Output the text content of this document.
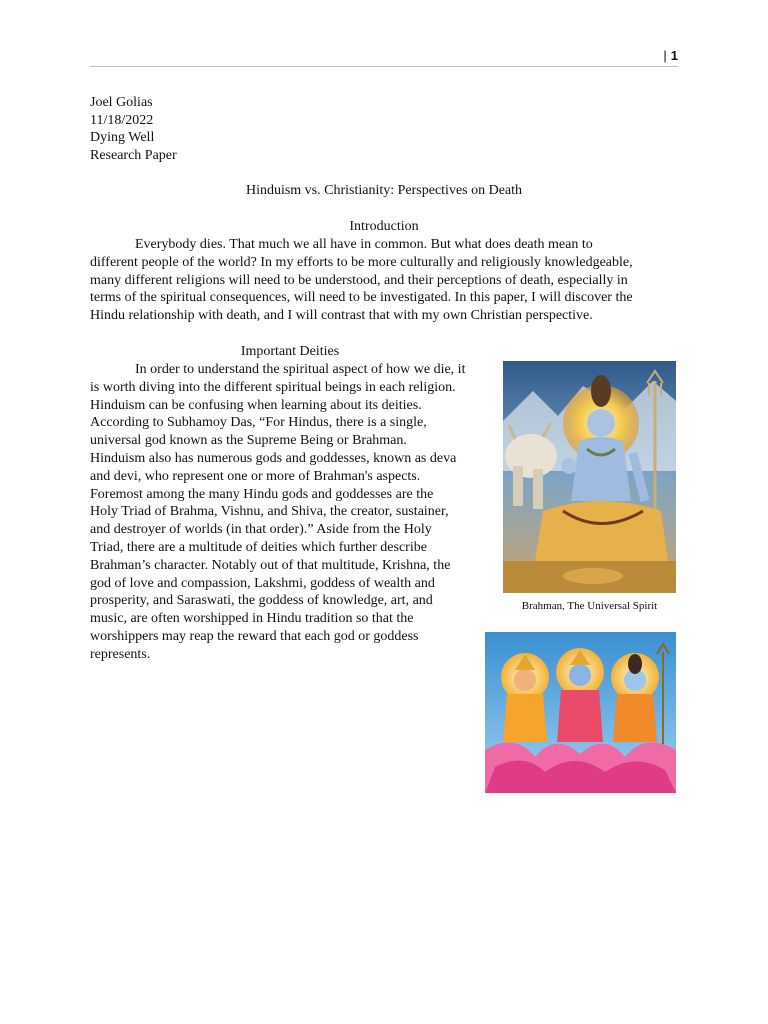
| 1
Joel Golias
11/18/2022
Dying Well
Research Paper
Hinduism vs. Christianity: Perspectives on Death
Introduction
Everybody dies. That much we all have in common. But what does death mean to
different people of the world? In my efforts to be more culturally and religiously knowledgeable,
many different religions will need to be understood, and their perceptions of death, especially in
terms of the spiritual consequences, will need to be investigated. In this paper, I will discover the
Hindu relationship with death, and I will contrast that with my own Christian perspective.
Important Deities
In order to understand the spiritual aspect of how we die, it
is worth diving into the different spiritual beings in each religion.
Hinduism can be confusing when learning about its deities.
According to Subhamoy Das, “For Hindus, there is a single,
universal god known as the Supreme Being or Brahman.
Hinduism also has numerous gods and goddesses, known as deva
and devi, who represent one or more of Brahman's aspects.
Foremost among the many Hindu gods and goddesses are the
Holy Triad of Brahma, Vishnu, and Shiva, the creator, sustainer,
and destroyer of worlds (in that order).” Aside from the Holy
Triad, there are a multitude of deities which further describe
Brahman’s character. Notably out of that multitude, Krishna, the
god of love and compassion, Lakshmi, goddess of wealth and
prosperity, and Saraswati, the goddess of knowledge, art, and
music, are often worshipped in Hindu tradition so that the
worshippers may reap the reward that each god or goddess
represents.
Brahman, The Universal Spirit
